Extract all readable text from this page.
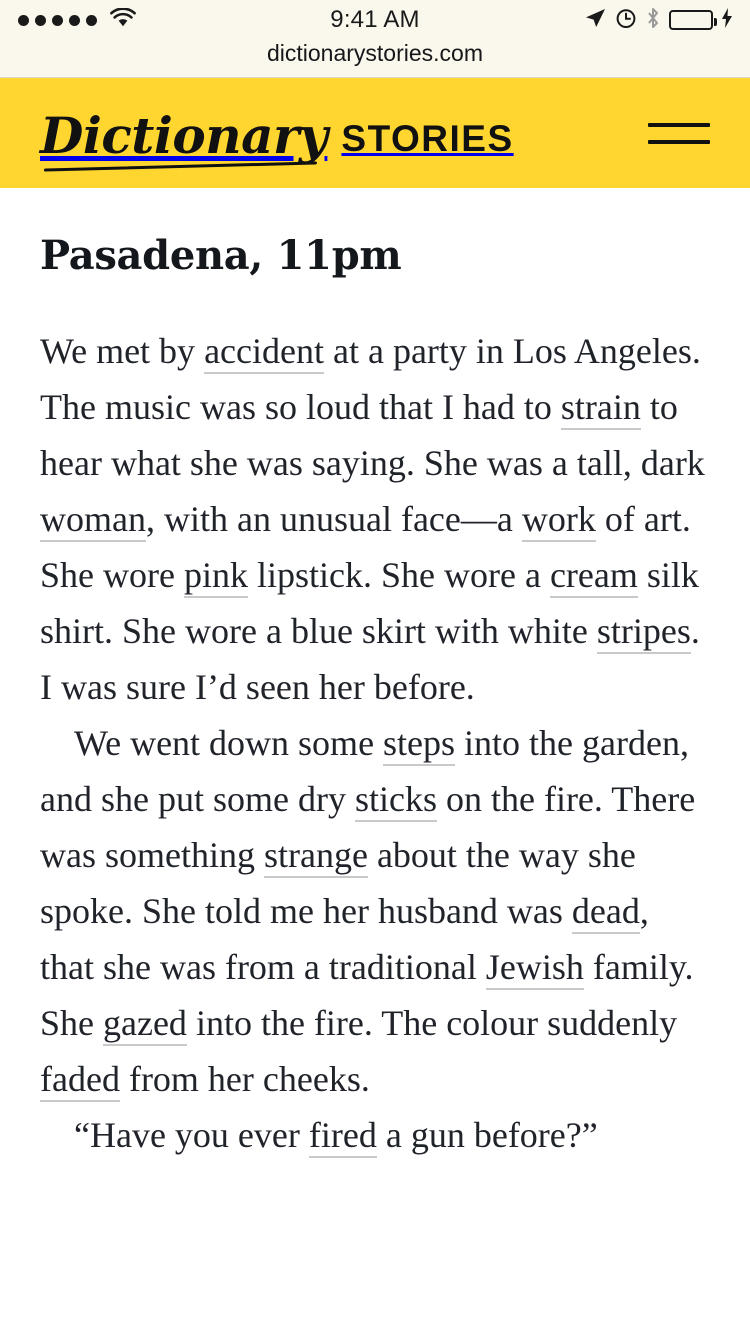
9:41 AM
dictionarystories.com
Dictionary STORIES
Pasadena, 11pm

We met by accident at a party in Los Angeles. The music was so loud that I had to strain to hear what she was saying. She was a tall, dark woman, with an unusual face—a work of art. She wore pink lipstick. She wore a cream silk shirt. She wore a blue skirt with white stripes. I was sure I’d seen her before.

We went down some steps into the garden, and she put some dry sticks on the fire. There was something strange about the way she spoke. She told me her husband was dead, that she was from a traditional Jewish family. She gazed into the fire. The colour suddenly faded from her cheeks.

“Have you ever fired a gun before?”
